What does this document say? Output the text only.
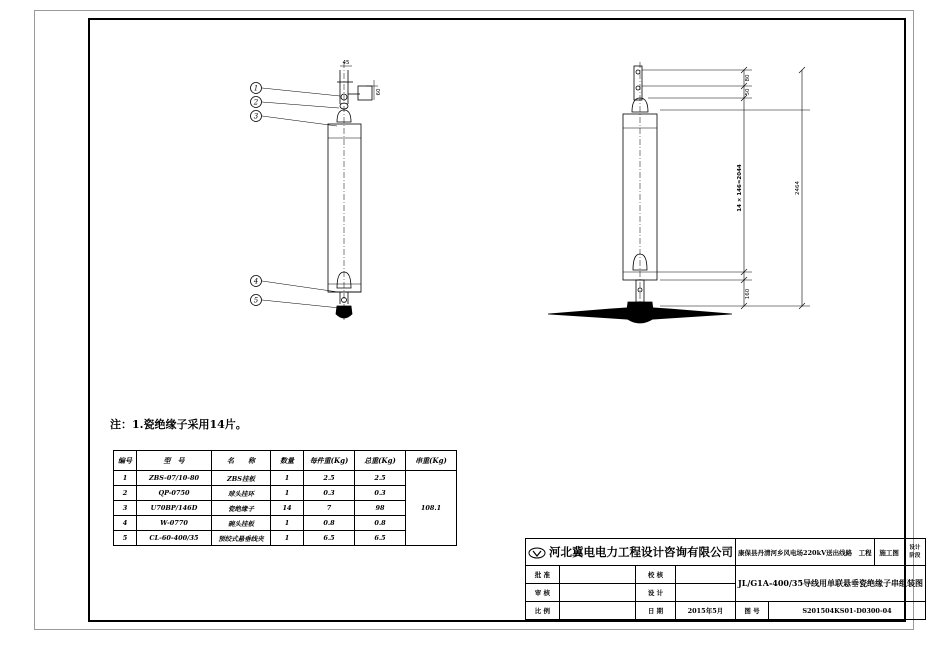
1
2
3
4
5
45
60
80
50
14 × 146=2044	2464
160
注：1.瓷绝缘子采用14片。
编号	型　号	名　　称	数量	每件重(Kg)	总重(Kg)	串重(Kg)
1	ZBS-07/10-80	ZBS挂板	1	2.5	2.5	108.1
2	QP-0750	球头挂环	1	0.3	0.3	
3	U70BP/146D	瓷绝缘子	14	7	98	
4	W-0770	碗头挂板	1	0.8	0.8	
5	CL-60-400/35	预绞式悬垂线夹	1	6.5	6.5	
河北冀电电力工程设计咨询有限公司				康保县丹清河乡风电场220kV送出线路　工程		施工图	设计阶段
批 准		校 核		JL/G1A-400/35导线用单联悬垂瓷绝缘子串组装图			
审 核		设 计					
比 例		日 期	2015年5月	图 号	S201504KS01-D0300-04		
